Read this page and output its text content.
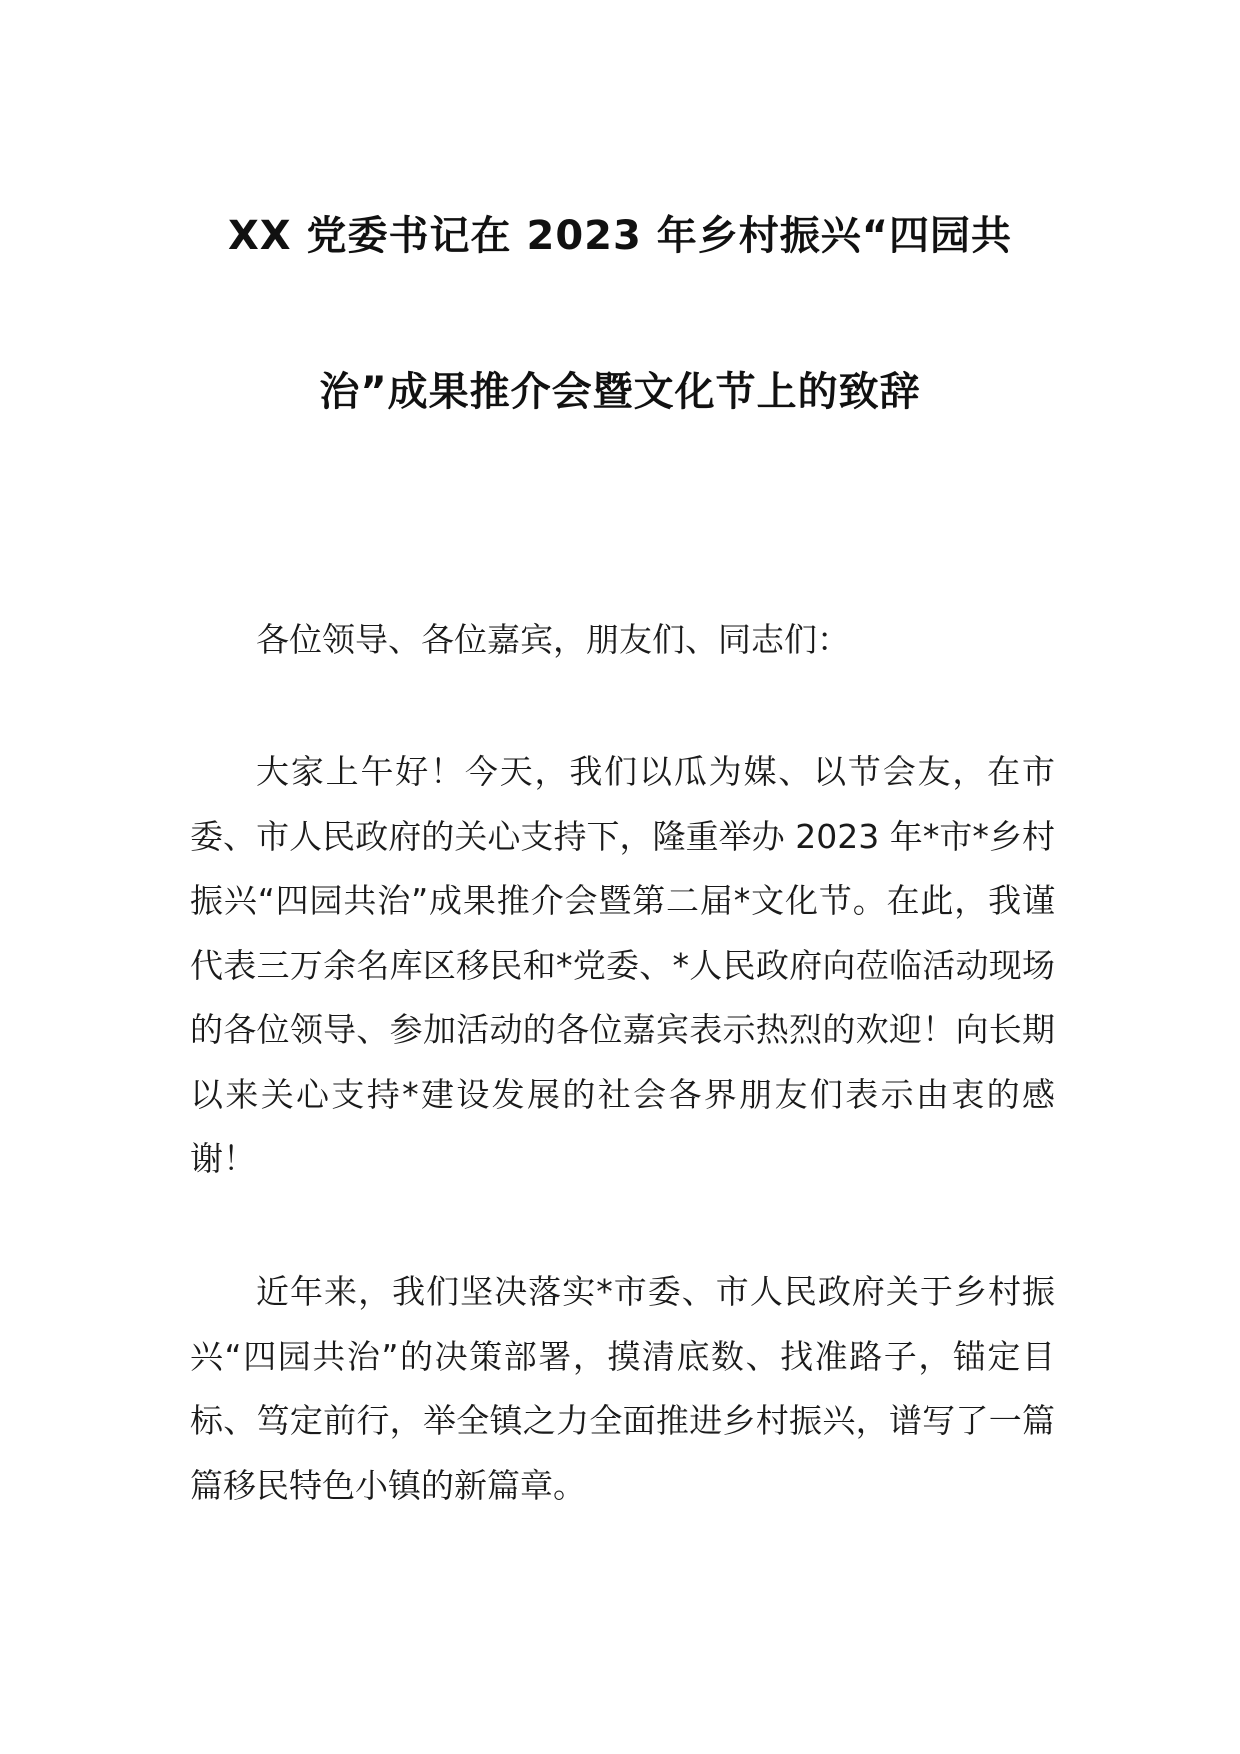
XX 党委书记在 2023 年乡村振兴“四园共
治”成果推介会暨文化节上的致辞

各位领导、各位嘉宾，朋友们、同志们：

大家上午好！今天，我们以瓜为媒、以节会友，在市委、市人民政府的关心支持下，隆重举办 2023 年*市*乡村振兴“四园共治”成果推介会暨第二届*文化节。在此，我谨代表三万余名库区移民和*党委、*人民政府向莅临活动现场的各位领导、参加活动的各位嘉宾表示热烈的欢迎！向长期以来关心支持*建设发展的社会各界朋友们表示由衷的感谢！

近年来，我们坚决落实*市委、市人民政府关于乡村振兴“四园共治”的决策部署，摸清底数、找准路子，锚定目标、笃定前行，举全镇之力全面推进乡村振兴，谱写了一篇篇移民特色小镇的新篇章。
